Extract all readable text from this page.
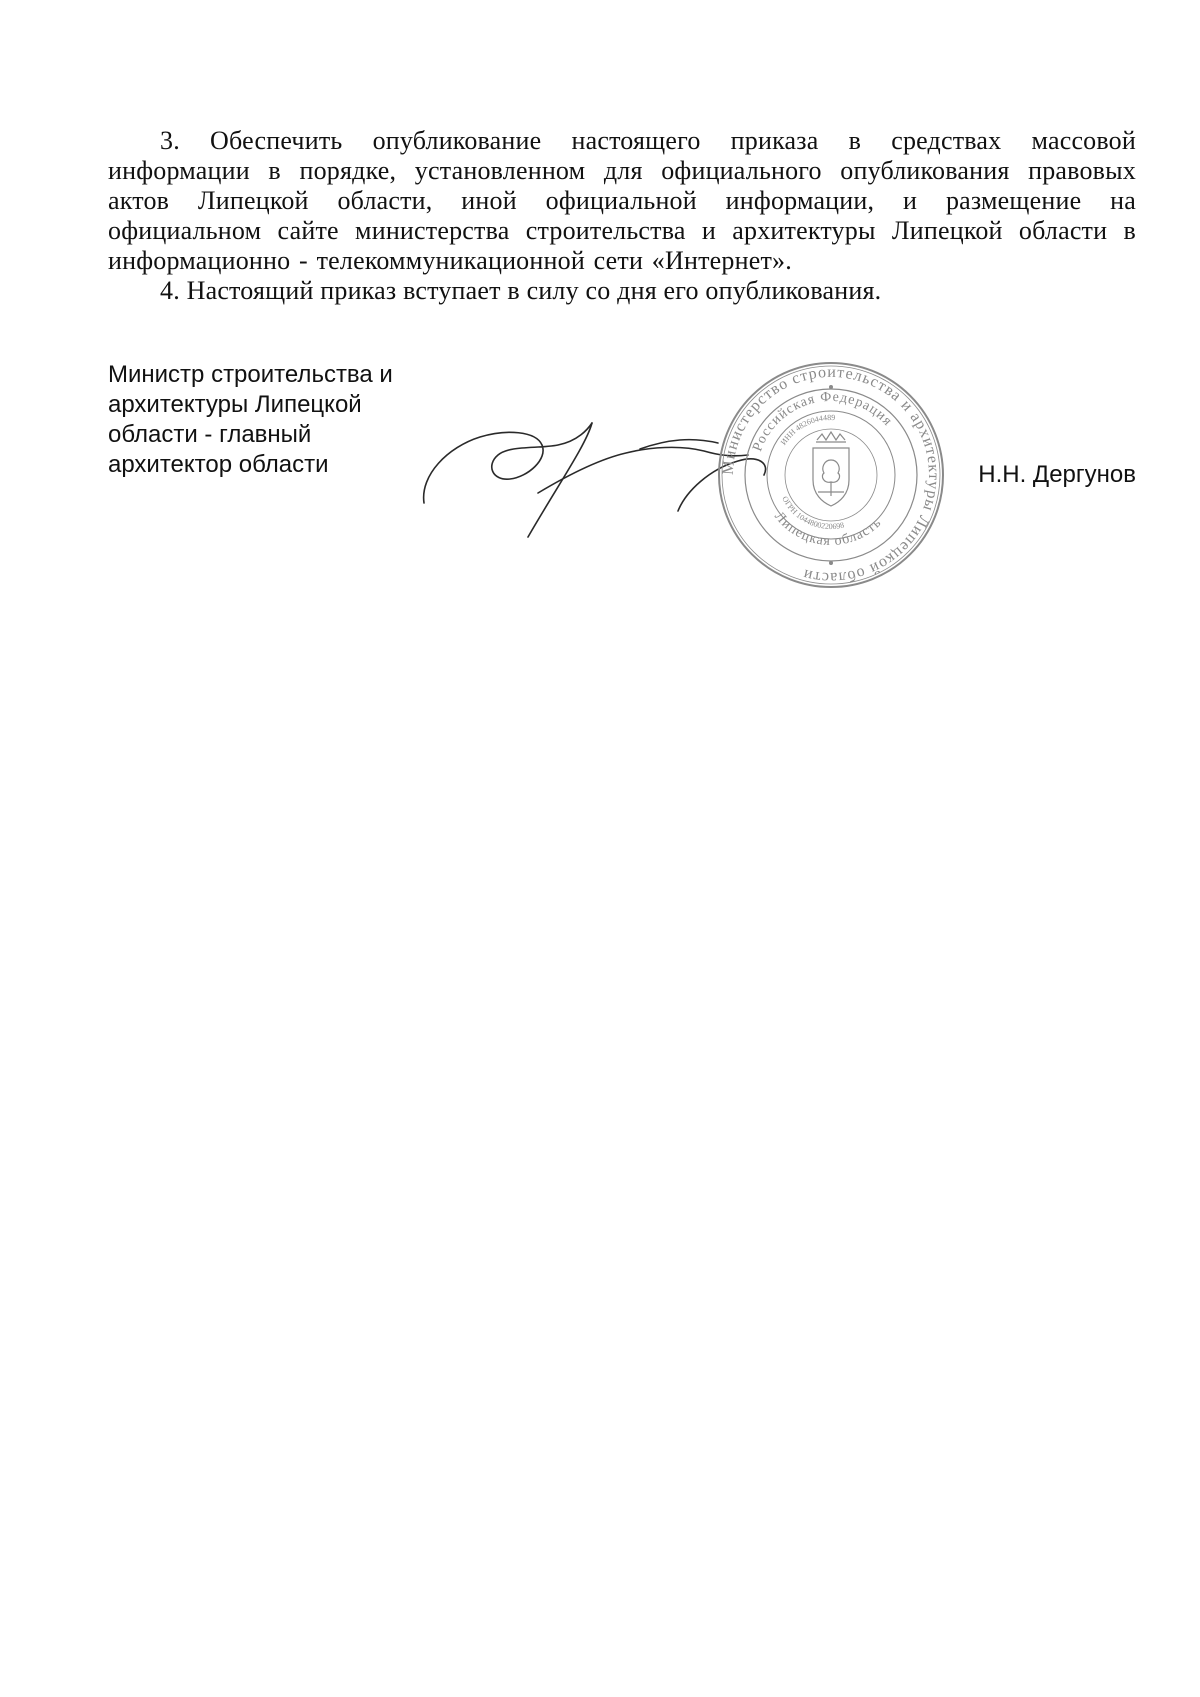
3. Обеспечить опубликование настоящего приказа в средствах массовой информации в порядке, установленном для официального опубликования правовых актов Липецкой области, иной официальной информации, и размещение на официальном сайте министерства строительства и архитектуры Липецкой области в информационно - телекоммуникационной сети «Интернет».

4. Настоящий приказ вступает в силу со дня его опубликования.

Министр строительства и
архитектуры Липецкой
области - главный
архитектор области	Министерство строительства и архитектуры Липецкой области
Российская Федерация
Липецкая область
ИНН 4826044489
ОГРН 1044800220698
Н.Н. Дергунов
